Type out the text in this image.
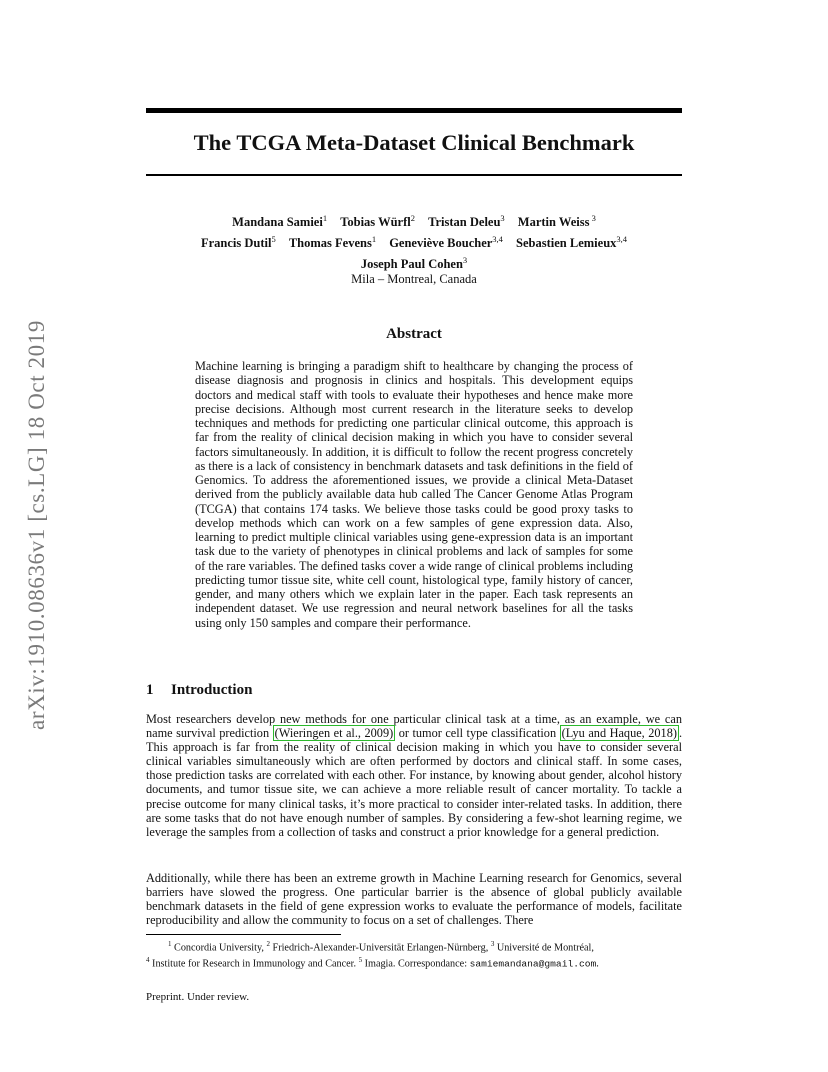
arXiv:1910.08636v1 [cs.LG] 18 Oct 2019
The TCGA Meta-Dataset Clinical Benchmark
Mandana Samiei$^1$ Tobias Würfl$^2$ Tristan Deleu$^3$ Martin Weiss $^3$
Francis Dutil$^5$ Thomas Fevens$^1$ Geneviève Boucher$^{3,4}$ Sebastien Lemieux$^{3,4}$
Joseph Paul Cohen$^3$
Mila – Montreal, Canada
Abstract

Machine learning is bringing a paradigm shift to healthcare by changing the process of disease diagnosis and prognosis in clinics and hospitals. This development equips doctors and medical staff with tools to evaluate their hypotheses and hence make more precise decisions. Although most current research in the literature seeks to develop techniques and methods for predicting one particular clinical outcome, this approach is far from the reality of clinical decision making in which you have to consider several factors simultaneously. In addition, it is difficult to follow the recent progress concretely as there is a lack of consistency in benchmark datasets and task definitions in the field of Genomics. To address the aforementioned issues, we provide a clinical Meta-Dataset derived from the publicly available data hub called The Cancer Genome Atlas Program (TCGA) that contains 174 tasks. We believe those tasks could be good proxy tasks to develop methods which can work on a few samples of gene expression data. Also, learning to predict multiple clinical variables using gene-expression data is an important task due to the variety of phenotypes in clinical problems and lack of samples for some of the rare variables. The defined tasks cover a wide range of clinical problems including predicting tumor tissue site, white cell count, histological type, family history of cancer, gender, and many others which we explain later in the paper. Each task represents an independent dataset. We use regression and neural network baselines for all the tasks using only 150 samples and compare their performance.

1 Introduction

Most researchers develop new methods for one particular clinical task at a time, as an example, we can name survival prediction (Wieringen et al., 2009) or tumor cell type classification (Lyu and Haque, 2018) . This approach is far from the reality of clinical decision making in which you have to consider several clinical variables simultaneously which are often performed by doctors and clinical staff. In some cases, those prediction tasks are correlated with each other. For instance, by knowing about gender, alcohol history documents, and tumor tissue site, we can achieve a more reliable result of cancer mortality. To tackle a precise outcome for many clinical tasks, it’s more practical to consider inter-related tasks. In addition, there are some tasks that do not have enough number of samples. By considering a few-shot learning regime, we leverage the samples from a collection of tasks and construct a prior knowledge for a general prediction.

Additionally, while there has been an extreme growth in Machine Learning research for Genomics, several barriers have slowed the progress. One particular barrier is the absence of global publicly available benchmark datasets in the field of gene expression works to evaluate the performance of models, facilitate reproducibility and allow the community to focus on a set of challenges. There

$^1$ Concordia University, $^2$ Friedrich-Alexander-Universität Erlangen-Nürnberg, $^3$ Université de Montréal,
$^4$ Institute for Research in Immunology and Cancer. $^5$ Imagia. Correspondance: samiemandana@gmail.com.
Preprint. Under review.
